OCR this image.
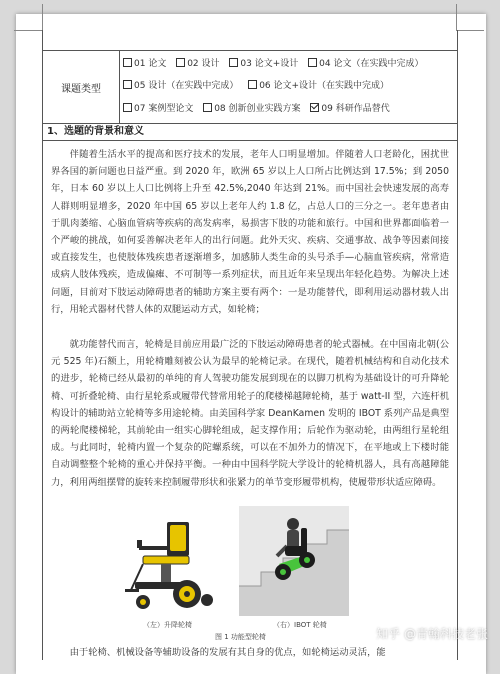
课题类型
01 论文 02 设计 03 论文+设计 04 论文（在实践中完成）
05 设计（在实践中完成） 06 论文+设计（在实践中完成）
07 案例型论文 08 创新创业实践方案 09 科研作品替代
1、选题的背景和意义

伴随着生活水平的提高和医疗技术的发展，老年人口明显增加。伴随着人口老龄化，困扰世界各国的新问题也日益严重。到 2020 年，欧洲 65 岁以上人口所占比例达到 17.5%；到 2050 年，日本 60 岁以上人口比例将上升至 42.5%,2040 年达到 21%。而中国社会快速发展的高寿人群则明显增多，2020 年中国 65 岁以上老年人约 1.8 亿，占总人口的三分之一。老年患者由于肌肉萎缩、心脑血管病等疾病的高发病率，易损害下肢的功能和旅行。中国和世界都面临着一个严峻的挑战，如何妥善解决老年人的出行问题。此外天灾、疾病、交通事故、战争等因素间接或直接发生，也使肢体残疾患者逐渐增多，加感肺人类生命的头号杀手—心脑血管疾病，常常造成病人肢体残疾，造成偏瘫、不可制等一系列症状，而且近年来呈现出年轻化趋势。为解决上述问题，目前对下肢运动障碍患者的辅助方案主要有两个：一是功能替代，即利用运动器材载人出行，用轮式器材代替人体的双腿运动方式，如轮椅；

就功能替代而言，轮椅是目前应用最广泛的下肢运动障碍患者的轮式器械。在中国南北朝(公元 525 年)石额上，用轮椅雕刻被公认为最早的轮椅记录。在现代，随着机械结构和自动化技术的进步，轮椅已经从最初的单纯的育人驾驶功能发展到现在的以脚刀机构为基础设计的可升降轮椅、可折叠轮椅、由行星轮系或履带代替常用轮子的爬楼梯越障轮椅，基于 watt-II 型，六连杆机构设计的辅助站立轮椅等多用途轮椅。由美国科学家 DeanKamen 发明的 IBOT 系列产品是典型的两轮爬楼梯轮，其前轮由一组实心脚轮组成，起支撑作用；后轮作为驱动轮，由两组行星轮组成。与此同时，轮椅内置一个复杂的陀螺系统，可以在不加外力的情况下，在平地或上下楼时能自动调整整个轮椅的重心并保持平衡。一种由中国科学院大学设计的轮椅机器人，具有高越障能力，利用两组摆臂的旋转来控制履带形状和张紧力的单节变形履带机构，使履带形状适应障碍。

（左）升降轮椅	（右）IBOT 轮椅
图 1 功能型轮椅

由于轮椅、机械设备等辅助设备的发展有其自身的优点，如轮椅运动灵活，能

知乎 @青翰科技老张
